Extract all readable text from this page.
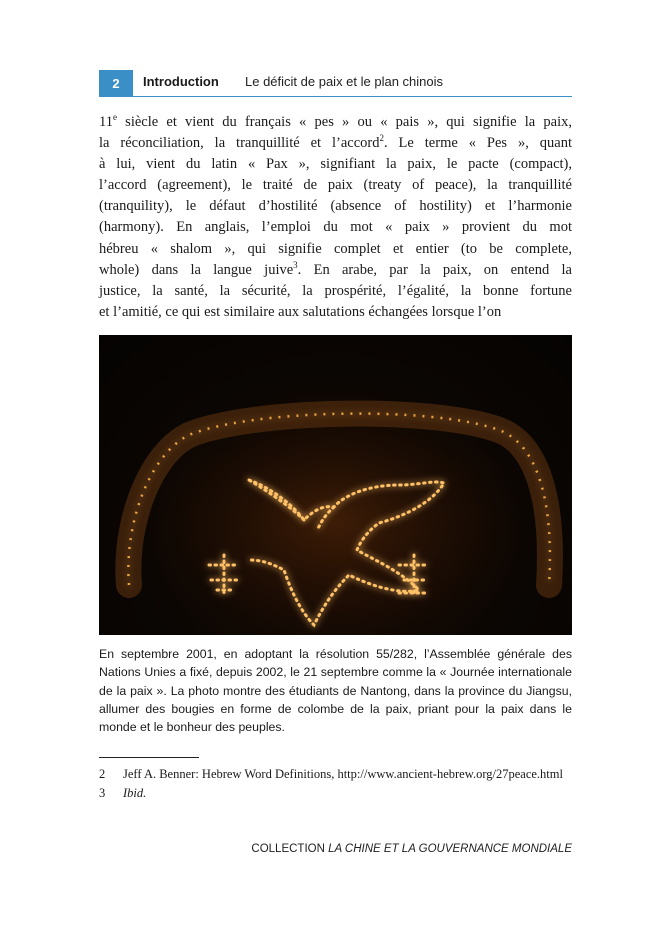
2	Introduction Le déficit de paix et le plan chinois
11e siècle et vient du français « pes » ou « pais », qui signifie la paix,
la réconciliation, la tranquillité et l’accord$^2$. Le terme « Pes », quant
à lui, vient du latin « Pax », signifiant la paix, le pacte (compact),
l’accord (agreement), le traité de paix (treaty of peace), la tranquillité
(tranquility), le défaut d’hostilité (absence of hostility) et l’harmonie
(harmony). En anglais, l’emploi du mot « paix » provient du mot
hébreu « shalom », qui signifie complet et entier (to be complete,
whole) dans la langue juive$^3$. En arabe, par la paix, on entend la
justice, la santé, la sécurité, la prospérité, l’égalité, la bonne fortune
et l’amitié, ce qui est similaire aux salutations échangées lorsque l’on
En septembre 2001, en adoptant la résolution 55/282, l’Assemblée générale des Nations Unies a fixé, depuis 2002, le 21 septembre comme la « Journée internationale de la paix ». La photo montre des étudiants de Nantong, dans la province du Jiangsu, allumer des bougies en forme de colombe de la paix, priant pour la paix dans le monde et le bonheur des peuples.
2 Jeff A. Benner: Hebrew Word Definitions, http://www.ancient-hebrew.org/27peace.html
3 Ibid.
COLLECTION LA CHINE ET LA GOUVERNANCE MONDIALE
